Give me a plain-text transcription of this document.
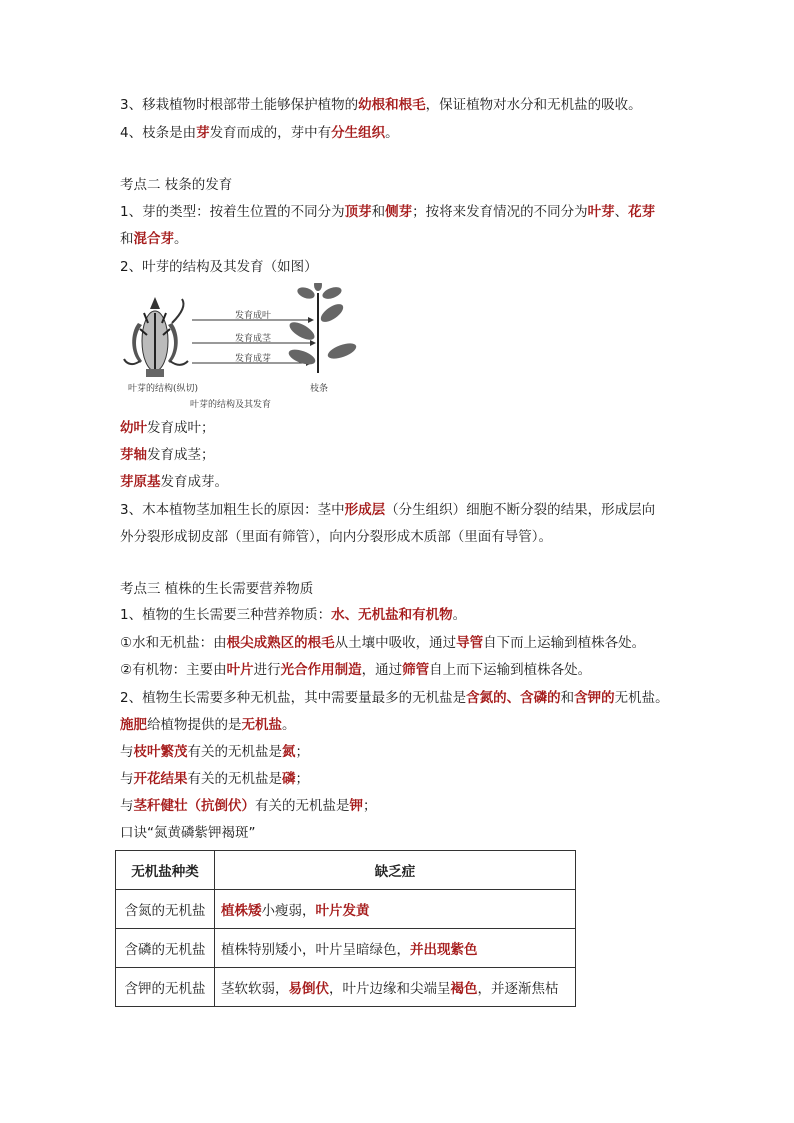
3、移栽植物时根部带土能够保护植物的幼根和根毛，保证植物对水分和无机盐的吸收。
4、枝条是由芽发育而成的，芽中有分生组织。
考点二 枝条的发育
1、芽的类型：按着生位置的不同分为顶芽和侧芽；按将来发育情况的不同分为叶芽、花芽
和混合芽。
2、叶芽的结构及其发育（如图）
发育成叶
发育成茎
发育成芽
叶芽的结构(纵切)	枝条
叶芽的结构及其发育
幼叶发育成叶；
芽轴发育成茎；
芽原基发育成芽。
3、木本植物茎加粗生长的原因：茎中形成层（分生组织）细胞不断分裂的结果，形成层向
外分裂形成韧皮部（里面有筛管），向内分裂形成木质部（里面有导管）。
考点三 植株的生长需要营养物质
1、植物的生长需要三种营养物质：水、无机盐和有机物。
①水和无机盐：由根尖成熟区的根毛从土壤中吸收，通过导管自下而上运输到植株各处。
②有机物：主要由叶片进行光合作用制造，通过筛管自上而下运输到植株各处。
2、植物生长需要多种无机盐，其中需要量最多的无机盐是含氮的、含磷的和含钾的无机盐。
施肥给植物提供的是无机盐。
与枝叶繁茂有关的无机盐是氮；
与开花结果有关的无机盐是磷；
与茎秆健壮（抗倒伏）有关的无机盐是钾；
口诀“氮黄磷紫钾褐斑”
无机盐种类	缺乏症
含氮的无机盐	植株矮小瘦弱，叶片发黄
含磷的无机盐	植株特别矮小，叶片呈暗绿色，并出现紫色
含钾的无机盐	茎软软弱，易倒伏，叶片边缘和尖端呈褐色，并逐渐焦枯
